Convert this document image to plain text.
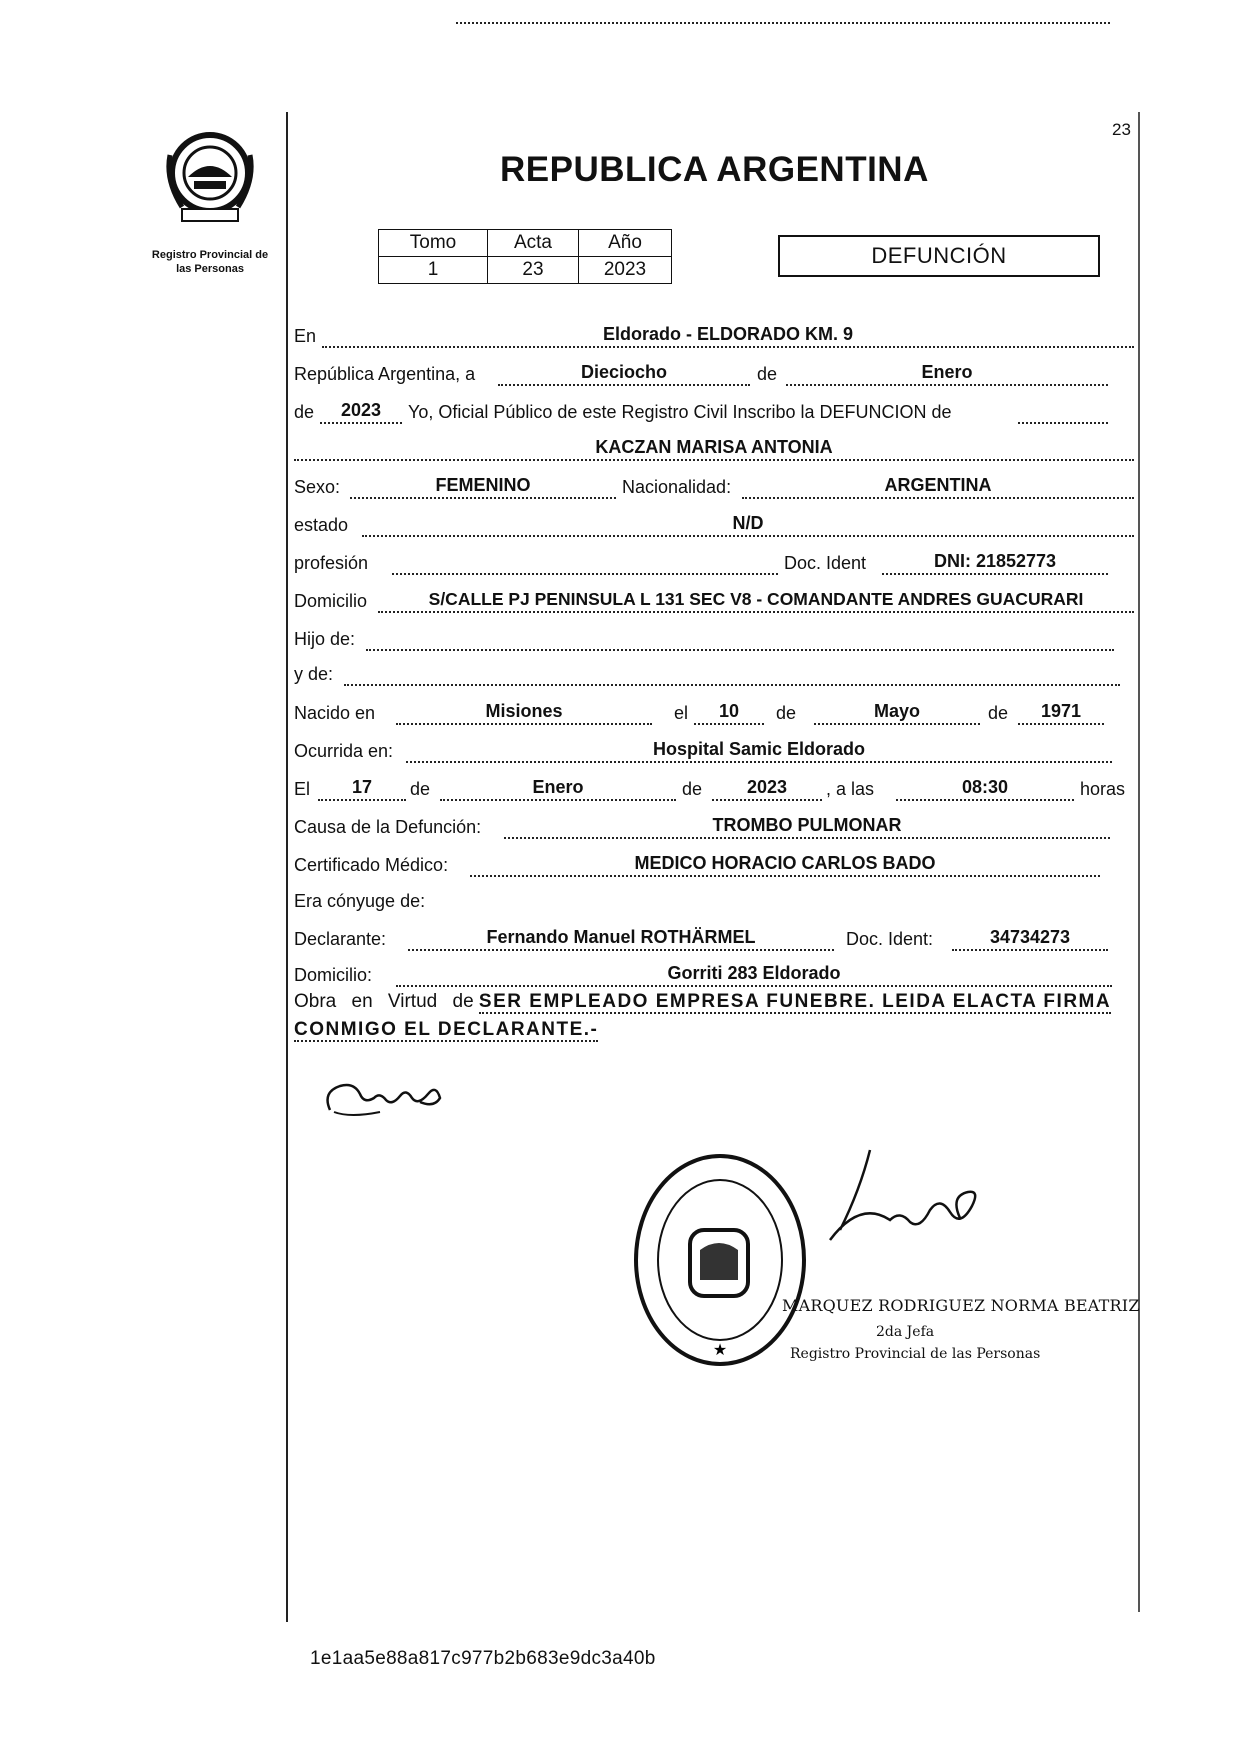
Registro Provincial de
las Personas
23
REPUBLICA ARGENTINA
Tomo	Acta	Año
1	23	2023
DEFUNCIÓN
En	Eldorado - ELDORADO KM. 9
República Argentina, a	Dieciocho	de	Enero
de	2023	Yo, Oficial Público de este Registro Civil Inscribo la DEFUNCION de
KACZAN MARISA ANTONIA
Sexo:	FEMENINO	Nacionalidad:	ARGENTINA
estado	N/D
profesión	Doc. Ident	DNI: 21852773
Domicilio	S/CALLE PJ PENINSULA L 131 SEC V8 - COMANDANTE ANDRES GUACURARI
Hijo de:
y de:
Nacido en	Misiones	el	10	de	Mayo	de	1971
Ocurrida en:	Hospital Samic Eldorado
El	17	de	Enero	de	2023	, a las	08:30	horas
Causa de la Defunción:	TROMBO PULMONAR
Certificado Médico:	MEDICO HORACIO CARLOS BADO
Era cónyuge de:
Declarante:	Fernando Manuel ROTHÄRMEL	Doc. Ident:	34734273
Domicilio:	Gorriti 283 Eldorado
Obra en Virtud de SER EMPLEADO EMPRESA FUNEBRE. LEIDA ELACTA FIRMA CONMIGO EL DECLARANTE.-
★
MARQUEZ RODRIGUEZ NORMA BEATRIZ
2da Jefa
Registro Provincial de las Personas
1e1aa5e88a817c977b2b683e9dc3a40b
